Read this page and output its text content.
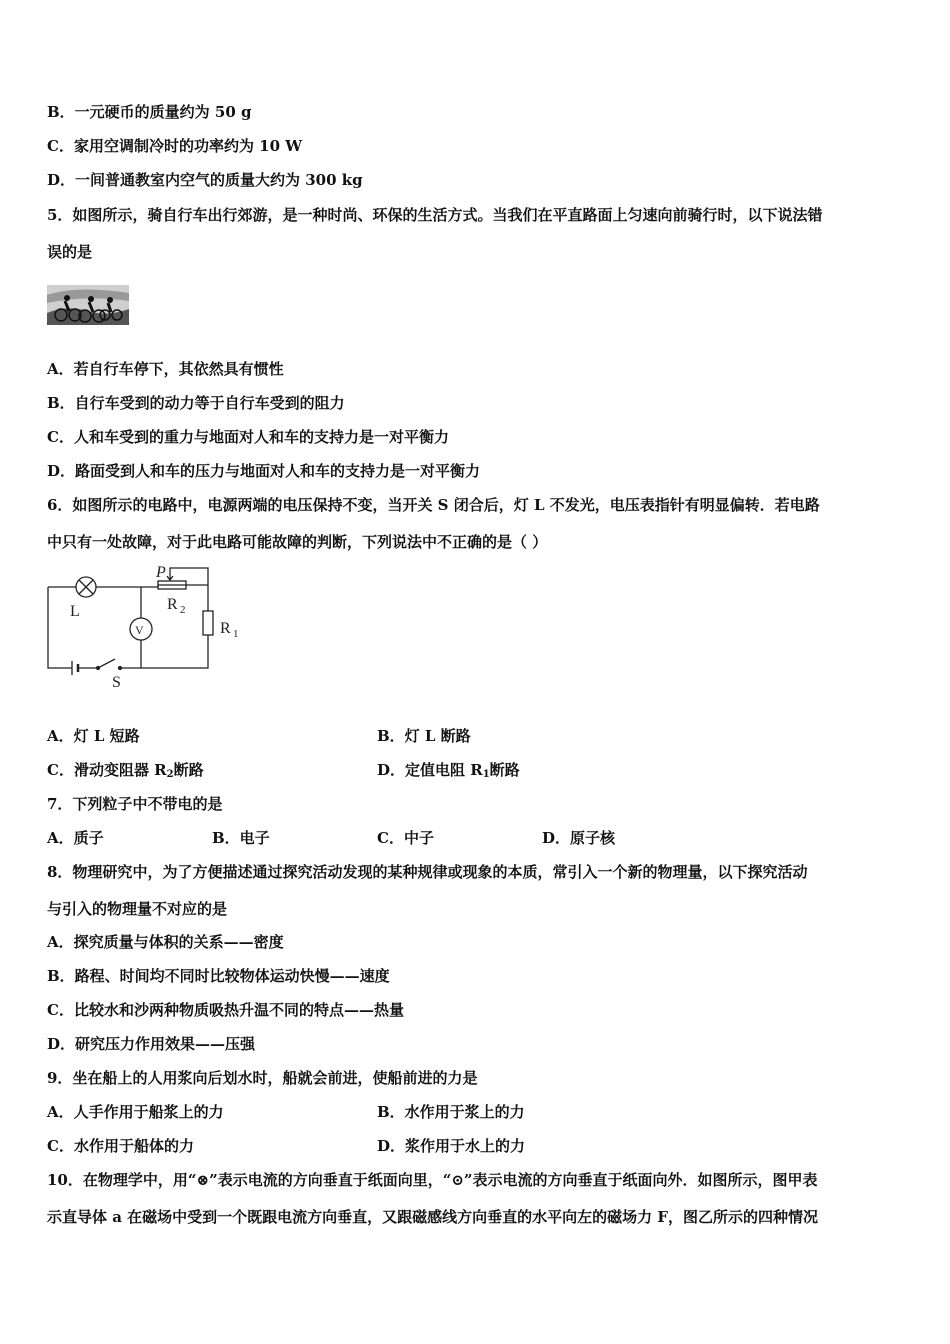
B．一元硬币的质量约为 50 g
C．家用空调制冷时的功率约为 10 W
D．一间普通教室内空气的质量大约为 300 kg
5．如图所示，骑自行车出行郊游，是一种时尚、环保的生活方式。当我们在平直路面上匀速向前骑行时，以下说法错
误的是
A．若自行车停下，其依然具有惯性
B．自行车受到的动力等于自行车受到的阻力
C．人和车受到的重力与地面对人和车的支持力是一对平衡力
D．路面受到人和车的压力与地面对人和车的支持力是一对平衡力
6．如图所示的电路中，电源两端的电压保持不变，当开关 S 闭合后，灯 L 不发光，电压表指针有明显偏转．若电路
中只有一处故障，对于此电路可能故障的判断，下列说法中不正确的是（ ）
L
V
P
R 2
R 1
S
A．灯 L 短路	B．灯 L 断路
C．滑动变阻器 $R_2$断路	D．定值电阻 $R_1$断路
7．下列粒子中不带电的是
A．质子	B．电子	C．中子	D．原子核
8．物理研究中，为了方便描述通过探究活动发现的某种规律或现象的本质，常引入一个新的物理量，以下探究活动
与引入的物理量不对应的是
A．探究质量与体积的关系——密度
B．路程、时间均不同时比较物体运动快慢——速度
C．比较水和沙两种物质吸热升温不同的特点——热量
D．研究压力作用效果——压强
9．坐在船上的人用浆向后划水时，船就会前进，使船前进的力是
A．人手作用于船浆上的力	B．水作用于浆上的力
C．水作用于船体的力	D．浆作用于水上的力
10．在物理学中，用“⊗”表示电流的方向垂直于纸面向里，“⊙”表示电流的方向垂直于纸面向外．如图所示，图甲表
示直导体 a 在磁场中受到一个既跟电流方向垂直，又跟磁感线方向垂直的水平向左的磁场力 F，图乙所示的四种情况
